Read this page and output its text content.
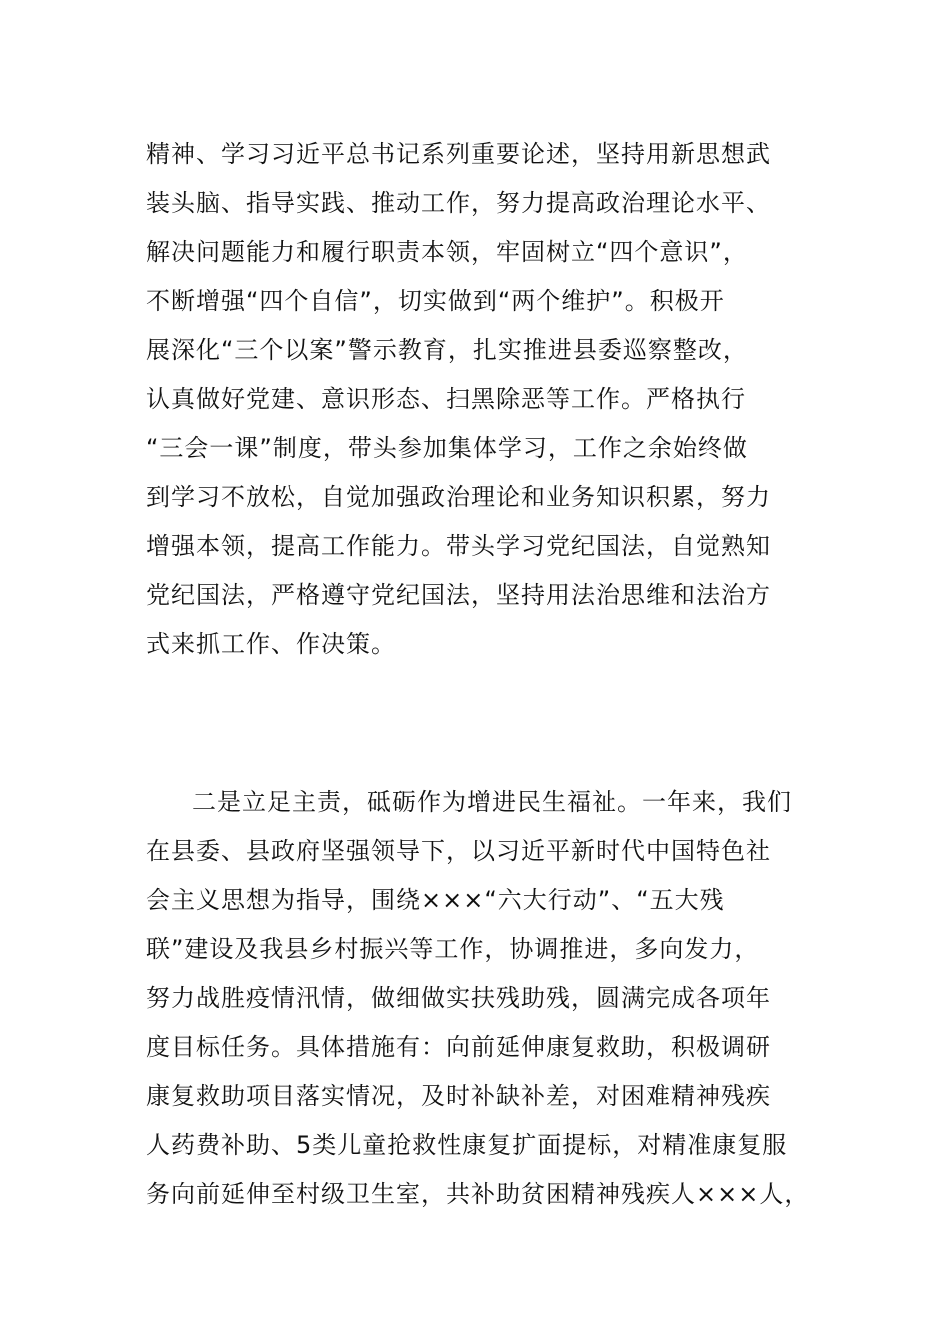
精神、学习习近平总书记系列重要论述，坚持用新思想武
装头脑、指导实践、推动工作，努力提高政治理论水平、
解决问题能力和履行职责本领，牢固树立“四个意识”，
不断增强“四个自信”，切实做到“两个维护”。积极开
展深化“三个以案”警示教育，扎实推进县委巡察整改，
认真做好党建、意识形态、扫黑除恶等工作。严格执行
“三会一课”制度，带头参加集体学习，工作之余始终做
到学习不放松，自觉加强政治理论和业务知识积累，努力
增强本领，提高工作能力。带头学习党纪国法，自觉熟知
党纪国法，严格遵守党纪国法，坚持用法治思维和法治方
式来抓工作、作决策。
二是立足主责，砥砺作为增进民生福祉。一年来，我们
在县委、县政府坚强领导下，以习近平新时代中国特色社
会主义思想为指导，围绕×××“六大行动”、“五大残
联”建设及我县乡村振兴等工作，协调推进，多向发力，
努力战胜疫情汛情，做细做实扶残助残，圆满完成各项年
度目标任务。具体措施有：向前延伸康复救助，积极调研
康复救助项目落实情况，及时补缺补差，对困难精神残疾
人药费补助、5类儿童抢救性康复扩面提标，对精准康复服
务向前延伸至村级卫生室，共补助贫困精神残疾人×××人，
